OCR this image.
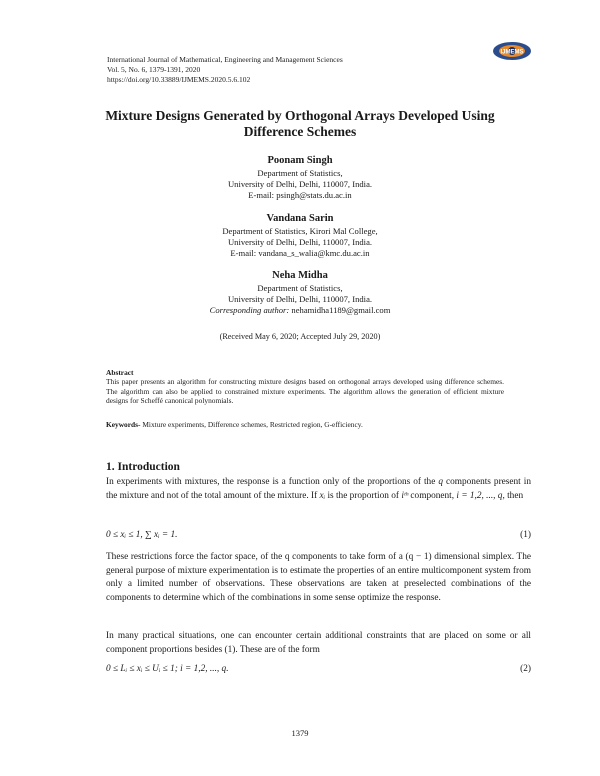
International Journal of Mathematical, Engineering and Management Sciences
Vol. 5, No. 6, 1379-1391, 2020
https://doi.org/10.33889/IJMEMS.2020.5.6.102
IJMEMS
Mixture Designs Generated by Orthogonal Arrays Developed Using
Difference Schemes
Poonam Singh
Department of Statistics,
University of Delhi, Delhi, 110007, India.
E-mail: psingh@stats.du.ac.in
Vandana Sarin
Department of Statistics, Kirori Mal College,
University of Delhi, Delhi, 110007, India.
E-mail: vandana_s_walia@kmc.du.ac.in
Neha Midha
Department of Statistics,
University of Delhi, Delhi, 110007, India.
Corresponding author: nehamidha1189@gmail.com
(Received May 6, 2020; Accepted July 29, 2020)
Abstract
This paper presents an algorithm for constructing mixture designs based on orthogonal arrays developed using difference schemes. The algorithm can also be applied to constrained mixture experiments. The algorithm allows the generation of efficient mixture designs for Scheffé canonical polynomials.
Keywords- Mixture experiments, Difference schemes, Restricted region, G-efficiency.
1. Introduction
In experiments with mixtures, the response is a function only of the proportions of the q components present in the mixture and not of the total amount of the mixture. If xᵢ is the proportion of iᵗʰ component, i = 1,2, ..., q, then
0 ≤ xᵢ ≤ 1, ∑ xᵢ = 1.	(1)
These restrictions force the factor space, of the q components to take form of a (q − 1) dimensional simplex. The general purpose of mixture experimentation is to estimate the properties of an entire multicomponent system from only a limited number of observations. These observations are taken at preselected combinations of the components to determine which of the combinations in some sense optimize the response.
In many practical situations, one can encounter certain additional constraints that are placed on some or all component proportions besides (1). These are of the form
0 ≤ Lᵢ ≤ xᵢ ≤ Uᵢ ≤ 1; i = 1,2, ..., q.	(2)
1379
